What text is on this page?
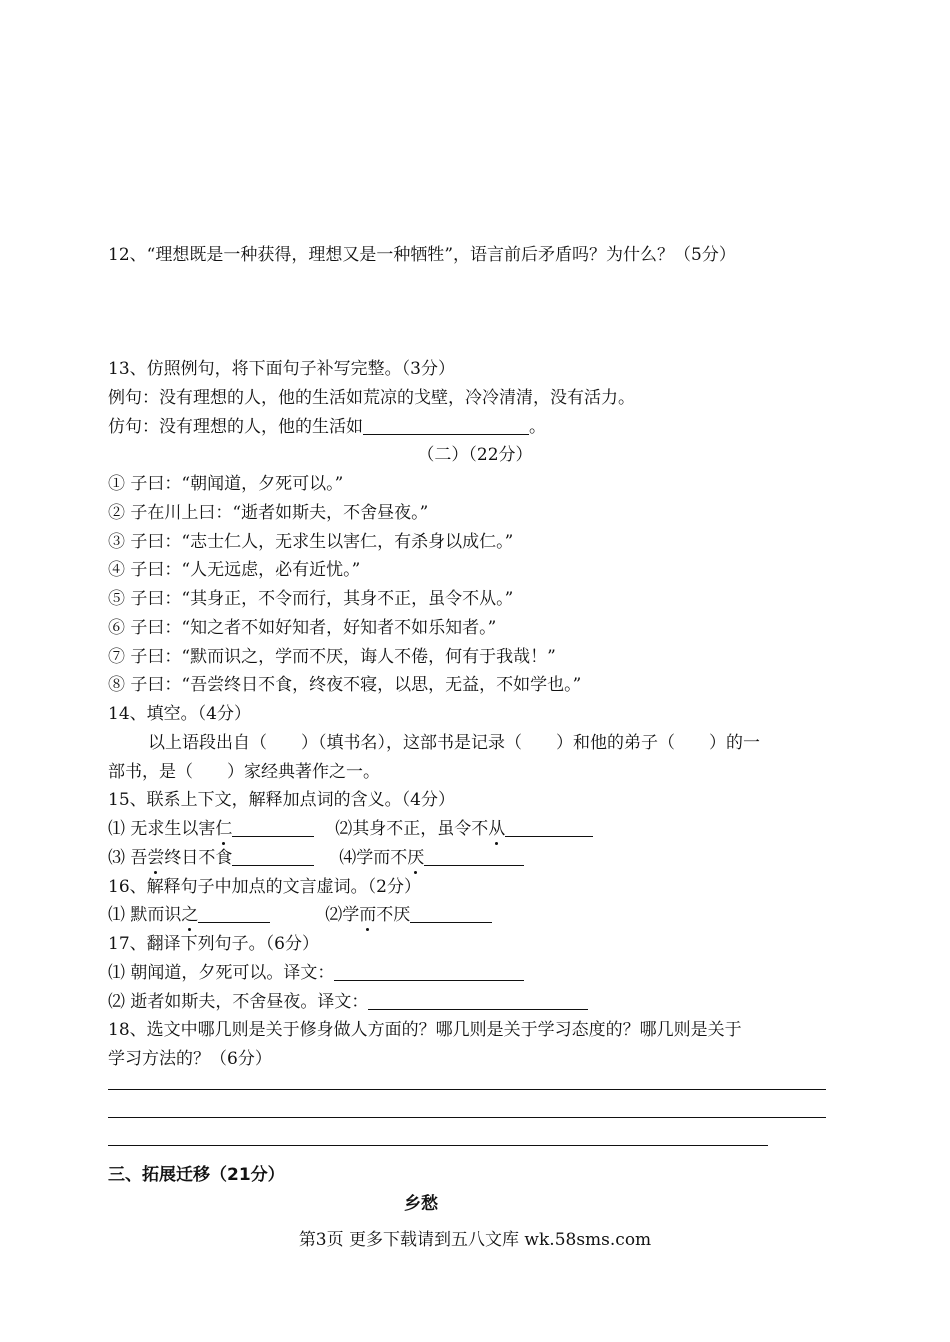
12、“理想既是一种获得，理想又是一种牺牲”，语言前后矛盾吗？为什么？（5分）
13、仿照例句，将下面句子补写完整。（3分）
例句：没有理想的人，他的生活如荒凉的戈壁，冷冷清清，没有活力。
仿句：没有理想的人，他的生活如	。
（二）（22分）
① 子曰：“朝闻道，夕死可以。”
② 子在川上曰：“逝者如斯夫，不舍昼夜。”
③ 子曰：“志士仁人，无求生以害仁，有杀身以成仁。”
④ 子曰：“人无远虑，必有近忧。”
⑤ 子曰：“其身正，不令而行，其身不正，虽令不从。”
⑥ 子曰：“知之者不如好知者，好知者不如乐知者。”
⑦ 子曰：“默而识之，学而不厌，诲人不倦，何有于我哉！”
⑧ 子曰：“吾尝终日不食，终夜不寝，以思，无益，不如学也。”
14、填空。（4分）
以上语段出自（　　）（填书名），这部书是记录（　　）和他的弟子（　　）的一
部书，是（　　）家经典著作之一。
15、联系上下文，解释加点词的含义。（4分）
⑴ 无求生以害仁	⑵其身不正，虽令不从
⑶ 吾尝终日不食	⑷学而不厌
16、解释句子中加点的文言虚词。（2分）
⑴ 默而识之	⑵学而不厌
17、翻译下列句子。（6分）
⑴ 朝闻道，夕死可以。译文：
⑵ 逝者如斯夫，不舍昼夜。译文：
18、选文中哪几则是关于修身做人方面的？哪几则是关于学习态度的？哪几则是关于
学习方法的？（6分）
三、拓展迁移（21分）
乡愁
第3页 更多下载请到五八文库 wk.58sms.com
